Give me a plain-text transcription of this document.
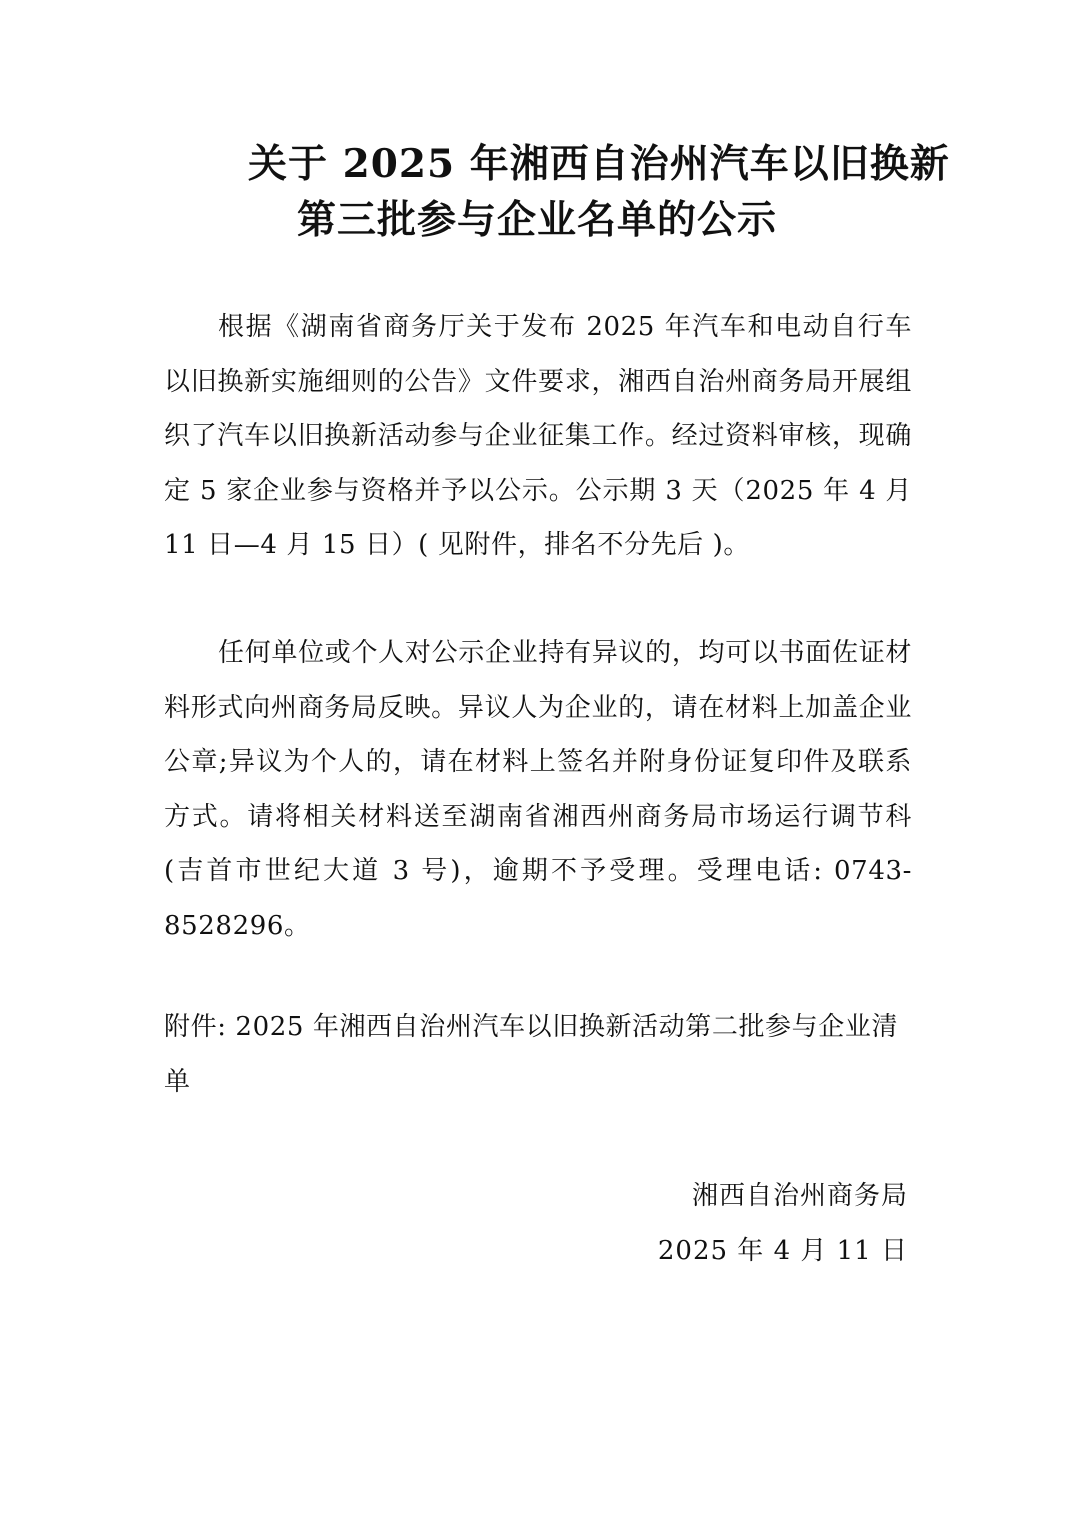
关于 2025 年湘西自治州汽车以旧换新
第三批参与企业名单的公示
根据《湖南省商务厅关于发布 2025 年汽车和电动自行车以旧换新实施细则的公告》文件要求，湘西自治州商务局开展组织了汽车以旧换新活动参与企业征集工作。经过资料审核，现确定 5 家企业参与资格并予以公示。公示期 3 天（2025 年 4 月 11 日—4 月 15 日）( 见附件，排名不分先后 )。
任何单位或个人对公示企业持有异议的，均可以书面佐证材料形式向州商务局反映。异议人为企业的，请在材料上加盖企业公章;异议为个人的，请在材料上签名并附身份证复印件及联系方式。请将相关材料送至湖南省湘西州商务局市场运行调节科(吉首市世纪大道 3 号)，逾期不予受理。受理电话: 0743-8528296。
附件: 2025 年湘西自治州汽车以旧换新活动第二批参与企业清单
湘西自治州商务局
2025 年 4 月 11 日
